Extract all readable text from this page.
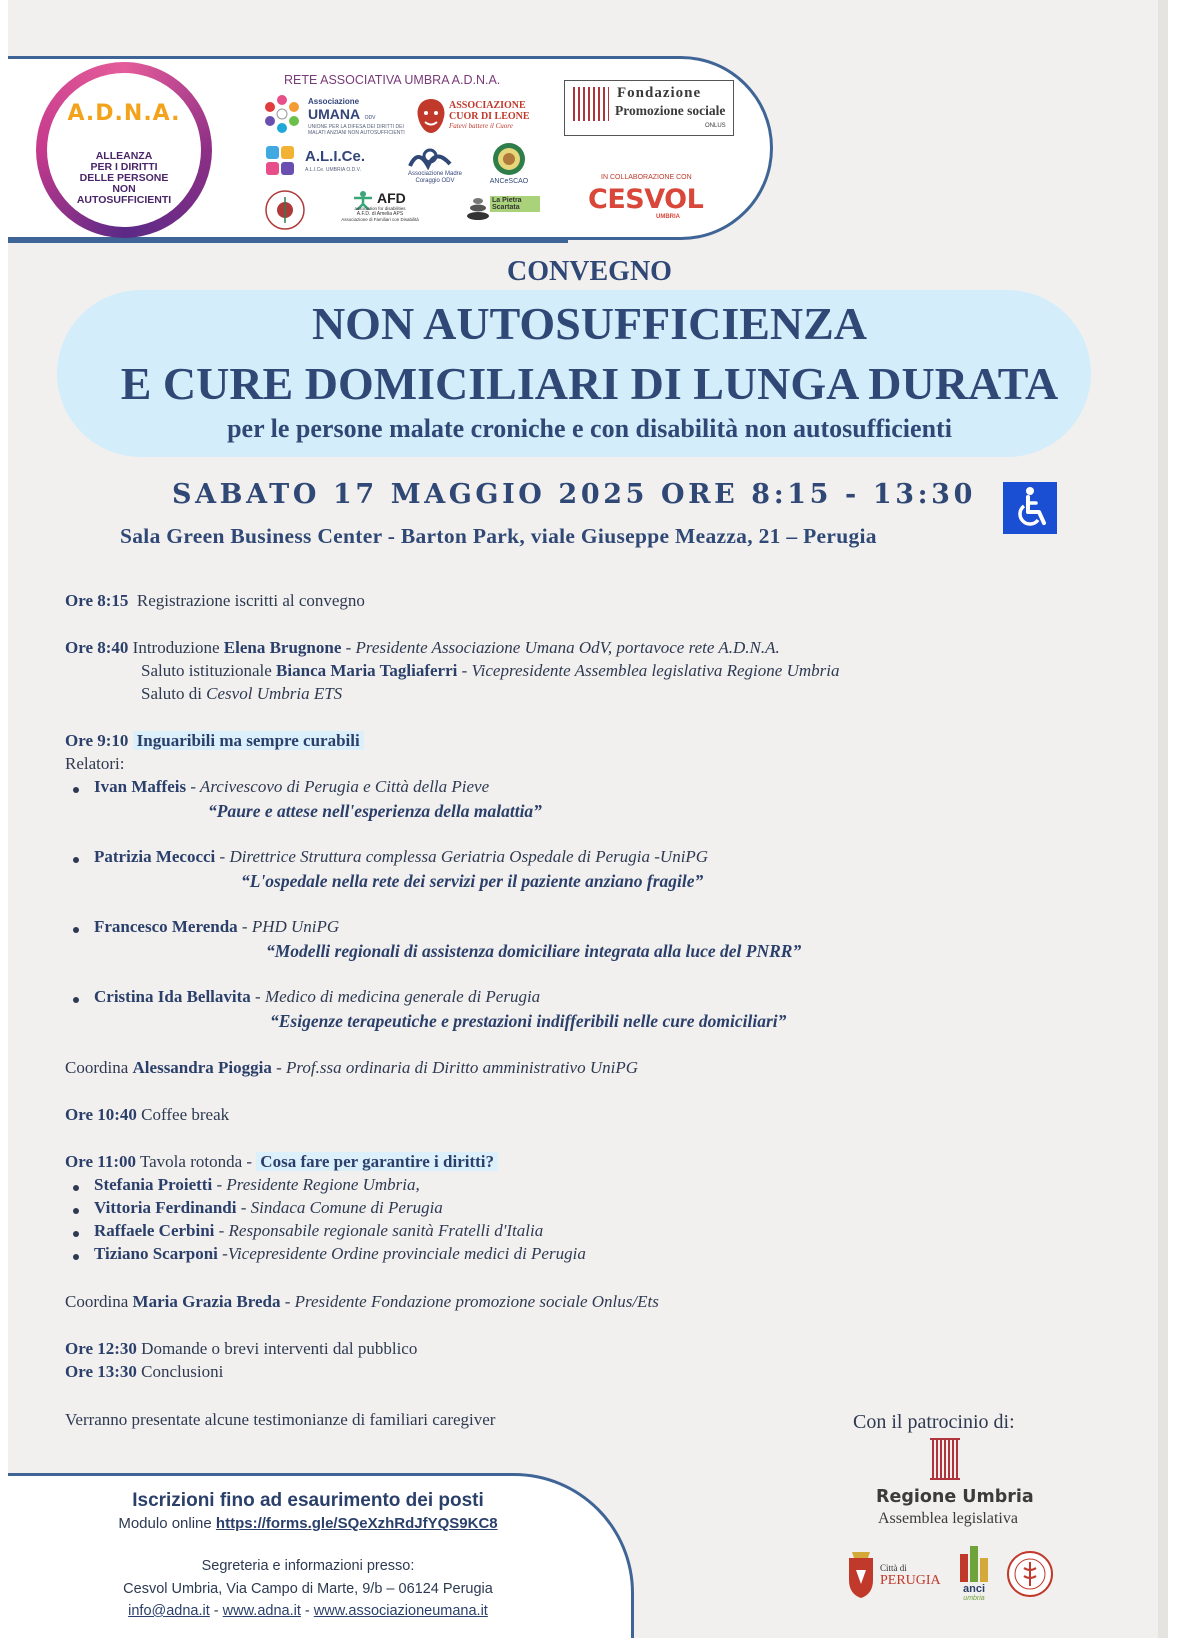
A.D.N.A.
ALLEANZA
PER I DIRITTI
DELLE PERSONE
NON
AUTOSUFFICIENTI
RETE ASSOCIATIVA UMBRA A.D.N.A.
Associazione
UMANA ODV
UNIONE PER LA DIFESA DEI DIRITTI DEI MALATI ANZIANI NON AUTOSUFFICIENTI
ASSOCIAZIONE
CUOR DI LEONE
Fatevi battere il Cuore
A.L.I.Ce.
A.L.I.Ce. UMBRIA O.D.V.
Associazione Madre Coraggio ODV	ANCeSCAO
AFD
association for disabilities
A.F.D. di Amelia APS
Associazione di Familiari con Disabilità
La Pietra
Scartata
Fondazione
Promozione sociale
ONLUS
IN COLLABORAZIONE CON
CESVOL
UMBRIA
CONVEGNO
NON AUTOSUFFICIENZA
E CURE DOMICILIARI DI LUNGA DURATA
per le persone malate croniche e con disabilità non autosufficienti
SABATO 17 MAGGIO 2025 ORE 8:15 - 13:30
Sala Green Business Center - Barton Park, viale Giuseppe Meazza, 21 – Perugia
Ore 8:15 Registrazione iscritti al convegno
Ore 8:40 Introduzione Elena Brugnone - Presidente Associazione Umana OdV, portavoce rete A.D.N.A.
Saluto istituzionale Bianca Maria Tagliaferri - Vicepresidente Assemblea legislativa Regione Umbria
Saluto di Cesvol Umbria ETS
Ore 9:10 Inguaribili ma sempre curabili
Relatori:
Ivan Maffeis - Arcivescovo di Perugia e Città della Pieve
“Paure e attese nell'esperienza della malattia”
Patrizia Mecocci - Direttrice Struttura complessa Geriatria Ospedale di Perugia -UniPG
“L'ospedale nella rete dei servizi per il paziente anziano fragile”
Francesco Merenda - PHD UniPG
“Modelli regionali di assistenza domiciliare integrata alla luce del PNRR”
Cristina Ida Bellavita - Medico di medicina generale di Perugia
“Esigenze terapeutiche e prestazioni indifferibili nelle cure domiciliari”
Coordina Alessandra Pioggia - Prof.ssa ordinaria di Diritto amministrativo UniPG
Ore 10:40 Coffee break
Ore 11:00 Tavola rotonda - Cosa fare per garantire i diritti?
Stefania Proietti - Presidente Regione Umbria,
Vittoria Ferdinandi - Sindaca Comune di Perugia
Raffaele Cerbini - Responsabile regionale sanità Fratelli d'Italia
Tiziano Scarponi -Vicepresidente Ordine provinciale medici di Perugia
Coordina Maria Grazia Breda - Presidente Fondazione promozione sociale Onlus/Ets
Ore 12:30 Domande o brevi interventi dal pubblico
Ore 13:30 Conclusioni
Verranno presentate alcune testimonianze di familiari caregiver
Iscrizioni fino ad esaurimento dei posti
Modulo online https://forms.gle/SQeXzhRdJfYQS9KC8
Segreteria e informazioni presso:
Cesvol Umbria, Via Campo di Marte, 9/b – 06124 Perugia
info@adna.it - www.adna.it - www.associazioneumana.it
Con il patrocinio di:
Regione Umbria
Assemblea legislativa
Città di
PERUGIA
anci
umbria
